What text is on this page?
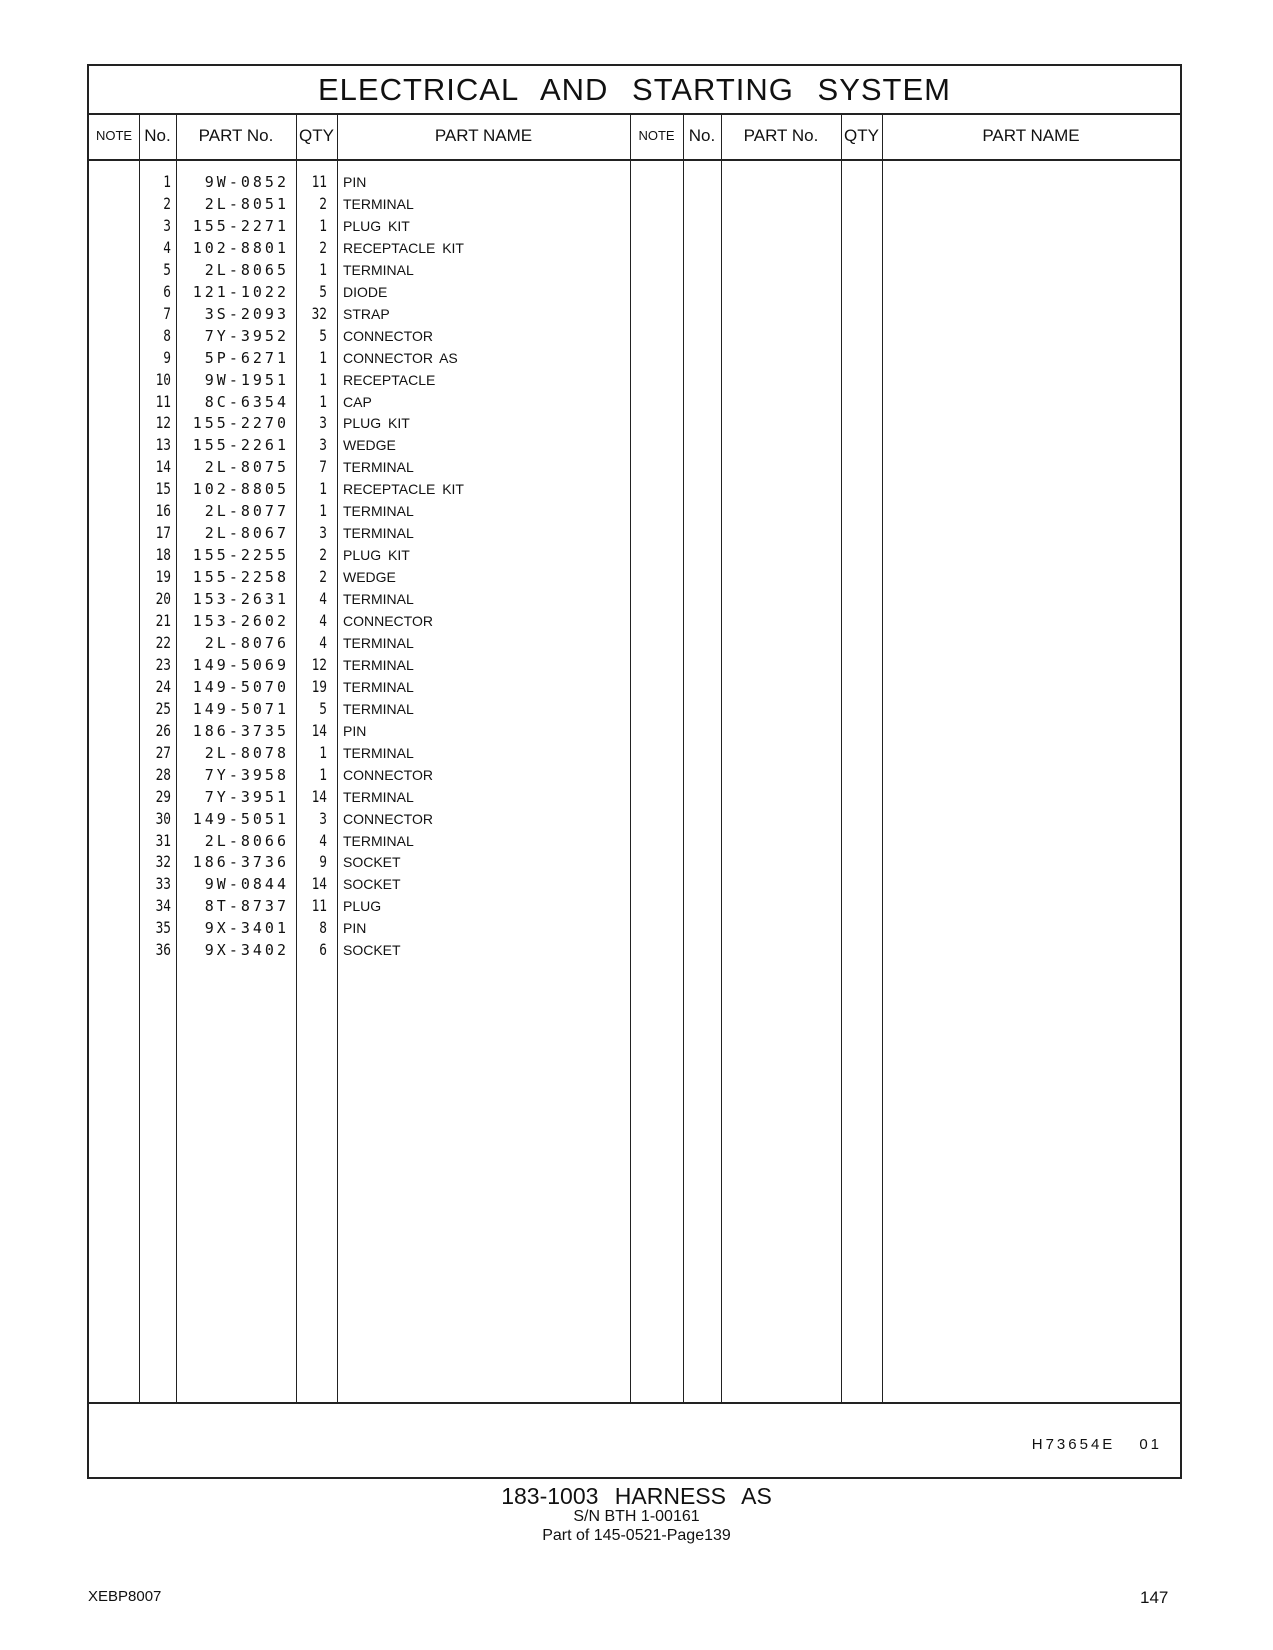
ELECTRICAL AND STARTING SYSTEM
NOTE No.	PART No.	QTY	PART NAME	NOTE No.	PART No.	QTY	PART NAME
1	9W-0852	11 PIN
2	2L-8051	2 TERMINAL
3	155-2271	1 PLUG KIT
4	102-8801	2 RECEPTACLE KIT
5	2L-8065	1 TERMINAL
6	121-1022	5 DIODE
7	3S-2093	32 STRAP
8	7Y-3952	5 CONNECTOR
9	5P-6271	1 CONNECTOR AS
10	9W-1951	1 RECEPTACLE
11	8C-6354	1 CAP
12	155-2270	3 PLUG KIT
13	155-2261	3 WEDGE
14	2L-8075	7 TERMINAL
15	102-8805	1 RECEPTACLE KIT
16	2L-8077	1 TERMINAL
17	2L-8067	3 TERMINAL
18	155-2255	2 PLUG KIT
19	155-2258	2 WEDGE
20	153-2631	4 TERMINAL
21	153-2602	4 CONNECTOR
22	2L-8076	4 TERMINAL
23	149-5069	12 TERMINAL
24	149-5070	19 TERMINAL
25	149-5071	5 TERMINAL
26	186-3735	14 PIN
27	2L-8078	1 TERMINAL
28	7Y-3958	1 CONNECTOR
29	7Y-3951	14 TERMINAL
30	149-5051	3 CONNECTOR
31	2L-8066	4 TERMINAL
32	186-3736	9 SOCKET
33	9W-0844	14 SOCKET
34	8T-8737	11 PLUG
35	9X-3401	8 PIN
36	9X-3402	6 SOCKET
H73654E 01
183-1003 HARNESS AS
S/N BTH 1-00161
Part of 145-0521-Page139
XEBP8007	147
